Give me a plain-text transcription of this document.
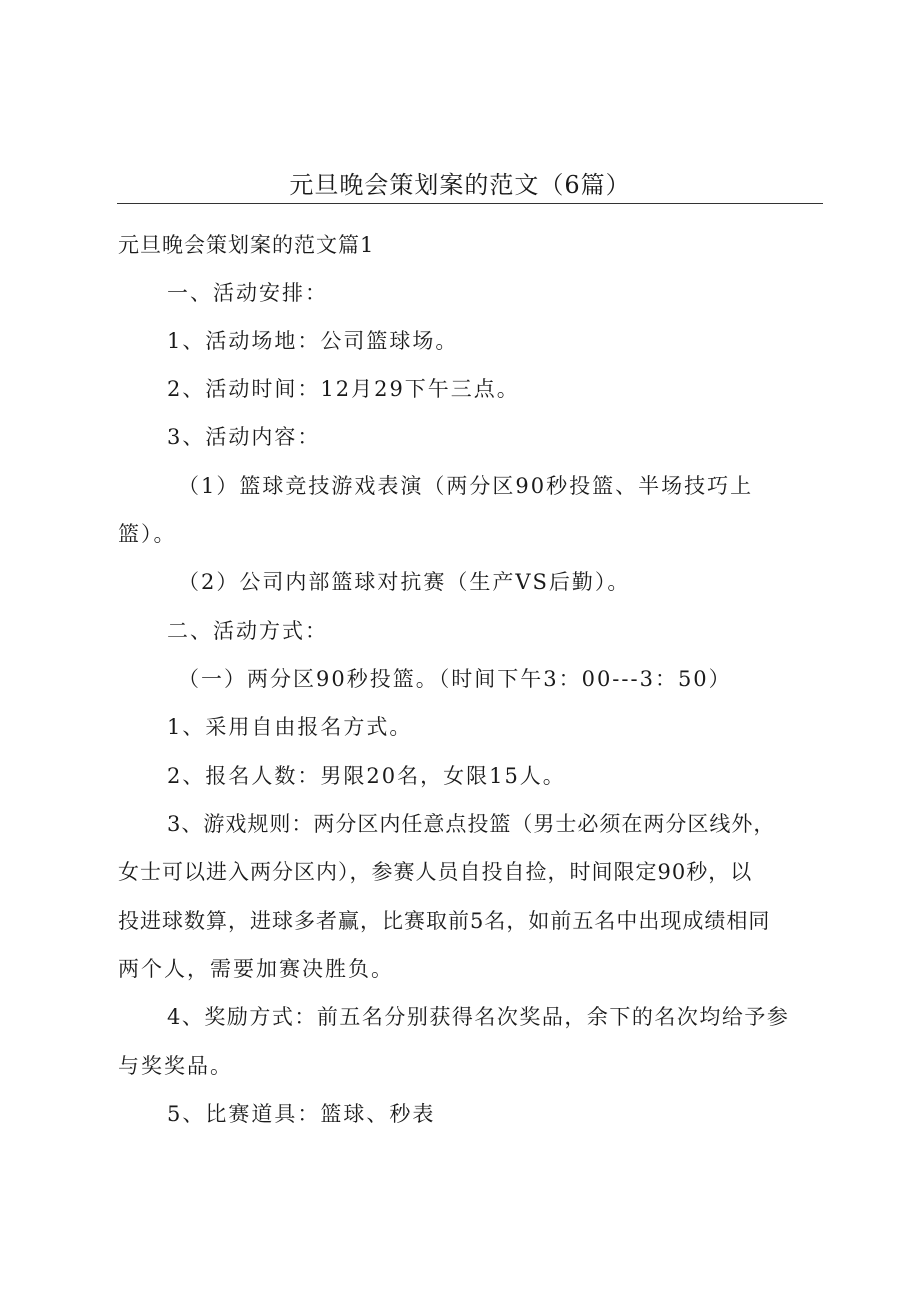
元旦晚会策划案的范文（6篇）
元旦晚会策划案的范文篇1
一、活动安排：
1、活动场地：公司篮球场。
2、活动时间：12月29下午三点。
3、活动内容：
（1）篮球竞技游戏表演（两分区90秒投篮、半场技巧上
篮）。
（2）公司内部篮球对抗赛（生产VS后勤）。
二、活动方式：
（一）两分区90秒投篮。（时间下午3：00---3：50）
1、采用自由报名方式。
2、报名人数：男限20名，女限15人。
3、游戏规则：两分区内任意点投篮（男士必须在两分区线外，
女士可以进入两分区内），参赛人员自投自捡，时间限定90秒，以
投进球数算，进球多者赢，比赛取前5名，如前五名中出现成绩相同
两个人，需要加赛决胜负。
4、奖励方式：前五名分别获得名次奖品，余下的名次均给予参
与奖奖品。
5、比赛道具：篮球、秒表
